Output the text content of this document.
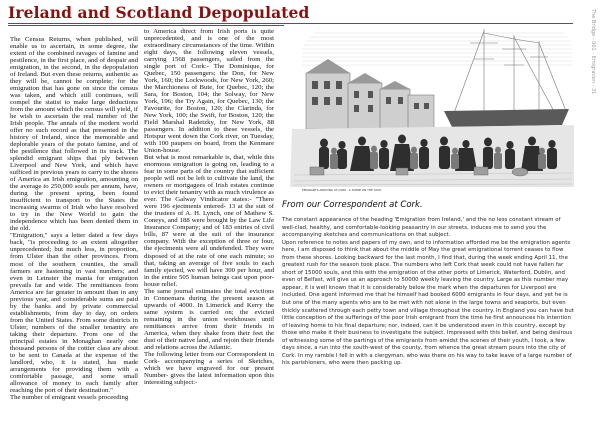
Ireland and Scotland Depopulated

The Census Returns, when published, will enable us to ascertain, in some degree, the extent of the combined ravages of famine and pestilence, in the first place, and of despair and emigration, in the second, in the depopulation of Ireland. But even these returns, authentic as they will be, cannot be complete; for the emigration that has gone on since the census was taken, and which still continues, will compel the statist to make large deductions from the amount which the census will yield, if he wish to ascertain the real number of the Irish people. The annals of the modern world offer no such record as that presented in the history of Ireland, since the memorable and deplorable years of the potato famine, and of the pestilence that followed in its track. The splendid emigrant ships that ply between Liverpool and New York, and which have sufficed in previous years to carry to the shores of America an Irish emigration, amounting on the average to 250,000 souls per annum, have, during the present spring, been found insufficient to transport to the States the increasing swarms of Irish who have resolved to try in the New World to gain the independence which has been denied them in the old.

"Emigration," says a letter dated a few days back, "is proceeding to an extent altogether unprecedented; but much less, in proportion, from Ulster than the other provinces. From most of the southern counties, the small farmers are hastening in vast numbers; and even in Leinster the mania for emigration prevails far and wide. The remittances from America are far greater in amount than in any previous year, and considerable sums are paid by the banks and by private commercial establishments, from day to day, on orders from the United States. From some districts in Ulster, numbers of the smaller tenantry are taking their departure. From one of the principal estates in Monaghan nearly one thousand persons of the cottier class are about to be sent to Canada at the expense of the landlord, who, it is stated, has made arrangements for providing them with a comfortable passage, and some small allowance of money to each family after reaching the port of their destination."

The number of emigrant vessels proceeding

to America direct from Irish ports is quite unprecedented, and is one of the most extraordinary circumstances of the time. Within eight days, the following eleven vessels, carrying 1568 passengers, sailed from the single port of Cork:- The Dominique, for Quebec, 150 passengers; the Don, for New York, 160; the Lockwoods, for New York, 260; the Marchioness of Bute, for Quebec, 120; the Sara, for Boston, 104; the Solway, for New York, 196; the Try Again, for Quebec, 130; the Favourite, for Boston, 120; the Clarinda, for New York, 100; the Swift, for Boston, 120; the Field Marshal Radetzky, for New York, 88 passengers. In addition to these vessels, the Hotspur went down the Cork river, on Tuesday, with 100 paupers on board, from the Kenmare Union-house.

But what is most remarkable is, that, while this enormous emigration is going on, leading to a fear in some parts of the country that sufficient people will not be left to cultivate the land, the owners or mortgagees of Irish estates continue to evict their tenantry with as much virulence as ever. The Galway Vindicator states:- "There were 196 ejectments entered- 13 at the suit of the trustees of A. H. Lynch, one of Mathew S. Coneys, and 188 were brought by the Law Life Insurance Company; and of 183 entries of civil bills, 87 were at the suit of the insurance company. With the exception of three or four, the ejectments were all undefended. They were disposed of at the rate of one each minute; so that, taking an average of five souls to each family ejected, we will have 300 per hour, and in the entire 505 human beings cast upon poor-house relief.

The same journal estimates the total evictions in Connemara during the present season at upwards of 4000. In Limerick and Kerry the same system is carried on; the evicted remaining in the union workhouses until remittances arrive from their friends in America, when they shake from their feet the dust of their native land, and rejoin their friends and relations across the Atlantic.

The following letter from our Correspondent in Cork- accompanying a series of Sketches, which we have engraved for our present Number- gives the latest information upon this interesting subject:-

EMIGRANTS ARRIVING AT CORK - A SCENE ON THE QUAY.
From our Correspondent at Cork.

The constant appearance of the heading 'Emigration from Ireland,' and the no less constant stream of well-clad, healthy, and comfortable-looking peasantry in our streets, induces me to send you the accompanying sketches and communications on that subject.

Upon reference to notes and papers of my own, and to information afforded me be the emigration agents here, I am disposed to think that about the middle of May the great emigrational torrent ceases to flow from these shores. Looking backward for the last month, I find that, during the week ending April 11, the greatest rush for the season took place. The numbers who left Cork that week could not have fallen far short of 15000 souls, and this with the emigration of the other ports of Limerick, Waterford, Dublin, and even of Belfast, will give us an approach to 50000 weekly leaving the country. Large as this number may appear, it is well known that it is considerably below the mark when the departures for Liverpool are included. One agent informed me that he himself had booked 6000 emigrants in four days, and yet he is but one of the many agents who are to be met with not alone in the large towns and seaports, but even thickly scattered through each petty town and village throughout the country. In England you can have but little conception of the sufferings of the poor Irish emigrant from the time he first announces his intention of leaving home to his final departure; nor, indeed, can it be understood even in this country, except by those who make it their business to investigate the subject. Impressed with this belief, and being desirous of witnessing some of the partings of the emigrants from amidst the scenes of their youth, I took, a few days since, a run into the south-west of the county, from whence the great stream pours into the city of Cork. In my ramble I fell in with a clergyman, who was there on his way to take leave of a large number of his parishioners, who were then packing up.

The Bridge - 001 - Emigration - 31
